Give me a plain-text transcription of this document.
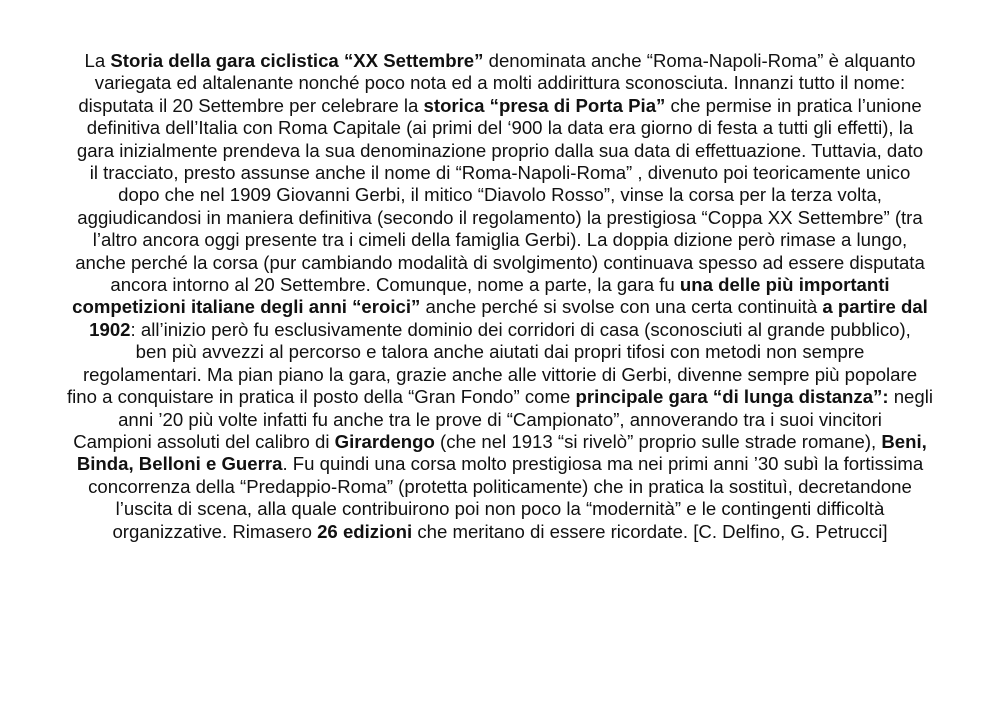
La Storia della gara ciclistica “XX Settembre” denominata anche “Roma-Napoli-Roma” è alquanto
variegata ed altalenante nonché poco nota ed a molti addirittura sconosciuta. Innanzi tutto il nome:
disputata il 20 Settembre per celebrare la storica “presa di Porta Pia” che permise in pratica l’unione
definitiva dell’Italia con Roma Capitale (ai primi del ‘900 la data era giorno di festa a tutti gli effetti), la
gara inizialmente prendeva la sua denominazione proprio dalla sua data di effettuazione. Tuttavia, dato
il tracciato, presto assunse anche il nome di “Roma-Napoli-Roma” , divenuto poi teoricamente unico
dopo che nel 1909 Giovanni Gerbi, il mitico “Diavolo Rosso”, vinse la corsa per la terza volta,
aggiudicandosi in maniera definitiva (secondo il regolamento) la prestigiosa “Coppa XX Settembre” (tra
l’altro ancora oggi presente tra i cimeli della famiglia Gerbi). La doppia dizione però rimase a lungo,
anche perché la corsa (pur cambiando modalità di svolgimento) continuava spesso ad essere disputata
ancora intorno al 20 Settembre. Comunque, nome a parte, la gara fu una delle più importanti
competizioni italiane degli anni “eroici” anche perché si svolse con una certa continuità a partire dal
1902: all’inizio però fu esclusivamente dominio dei corridori di casa (sconosciuti al grande pubblico),
ben più avvezzi al percorso e talora anche aiutati dai propri tifosi con metodi non sempre
regolamentari. Ma pian piano la gara, grazie anche alle vittorie di Gerbi, divenne sempre più popolare
fino a conquistare in pratica il posto della “Gran Fondo” come principale gara “di lunga distanza”: negli
anni ’20 più volte infatti fu anche tra le prove di “Campionato”, annoverando tra i suoi vincitori
Campioni assoluti del calibro di Girardengo (che nel 1913 “si rivelò” proprio sulle strade romane), Beni,
Binda, Belloni e Guerra. Fu quindi una corsa molto prestigiosa ma nei primi anni ’30 subì la fortissima
concorrenza della “Predappio-Roma” (protetta politicamente) che in pratica la sostituì, decretandone
l’uscita di scena, alla quale contribuirono poi non poco la “modernità” e le contingenti difficoltà
organizzative. Rimasero 26 edizioni che meritano di essere ricordate. [C. Delfino, G. Petrucci]
